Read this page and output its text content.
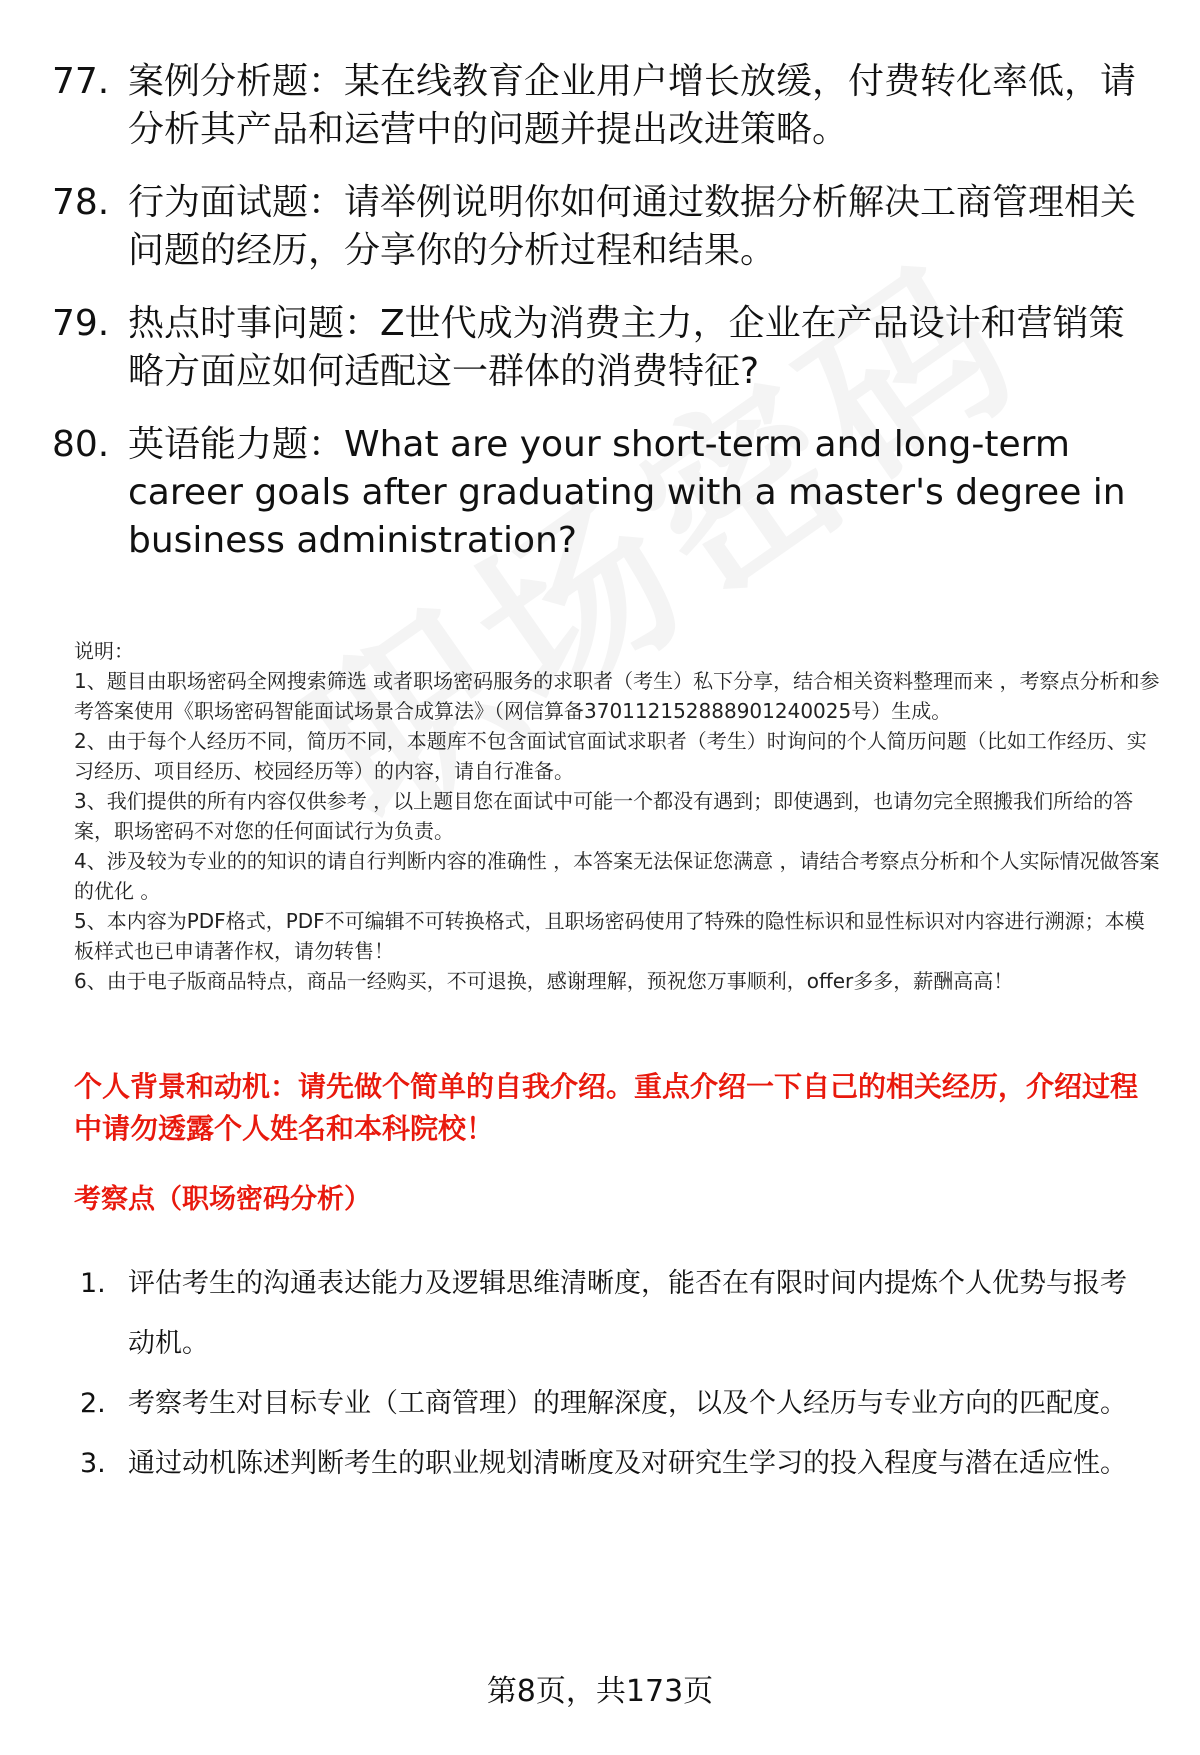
77. 案例分析题：某在线教育企业用户增长放缓，付费转化率低，请分析其产品和运营中的问题并提出改进策略。
78. 行为面试题：请举例说明你如何通过数据分析解决工商管理相关问题的经历，分享你的分析过程和结果。
79. 热点时事问题：Z世代成为消费主力，企业在产品设计和营销策略方面应如何适配这一群体的消费特征?
80. 英语能力题：What are your short-term and long-term career goals after graduating with a master's degree in business administration?

说明：

1、题目由职场密码全网搜索筛选 或者职场密码服务的求职者（考生）私下分享，结合相关资料整理而来 ，考察点分析和参考答案使用《职场密码智能面试场景合成算法》（网信算备370112152888901240025号）生成。

2、由于每个人经历不同，简历不同，本题库不包含面试官面试求职者（考生）时询问的个人简历问题（比如工作经历、实习经历、项目经历、校园经历等）的内容，请自行准备。

3、我们提供的所有内容仅供参考 ，以上题目您在面试中可能一个都没有遇到；即使遇到，也请勿完全照搬我们所给的答案，职场密码不对您的任何面试行为负责。

4、涉及较为专业的的知识的请自行判断内容的准确性 ，本答案无法保证您满意 ，请结合考察点分析和个人实际情况做答案的优化 。

5、本内容为PDF格式，PDF不可编辑不可转换格式，且职场密码使用了特殊的隐性标识和显性标识对内容进行溯源；本模板样式也已申请著作权，请勿转售！

6、由于电子版商品特点，商品一经购买，不可退换，感谢理解，预祝您万事顺利，offer多多，薪酬高高！

个人背景和动机：请先做个简单的自我介绍。重点介绍一下自己的相关经历，介绍过程中请勿透露个人姓名和本科院校！
考察点（职场密码分析）
1. 评估考生的沟通表达能力及逻辑思维清晰度，能否在有限时间内提炼个人优势与报考动机。
2. 考察考生对目标专业（工商管理）的理解深度，以及个人经历与专业方向的匹配度。
3. 通过动机陈述判断考生的职业规划清晰度及对研究生学习的投入程度与潜在适应性。
第8页，共173页
